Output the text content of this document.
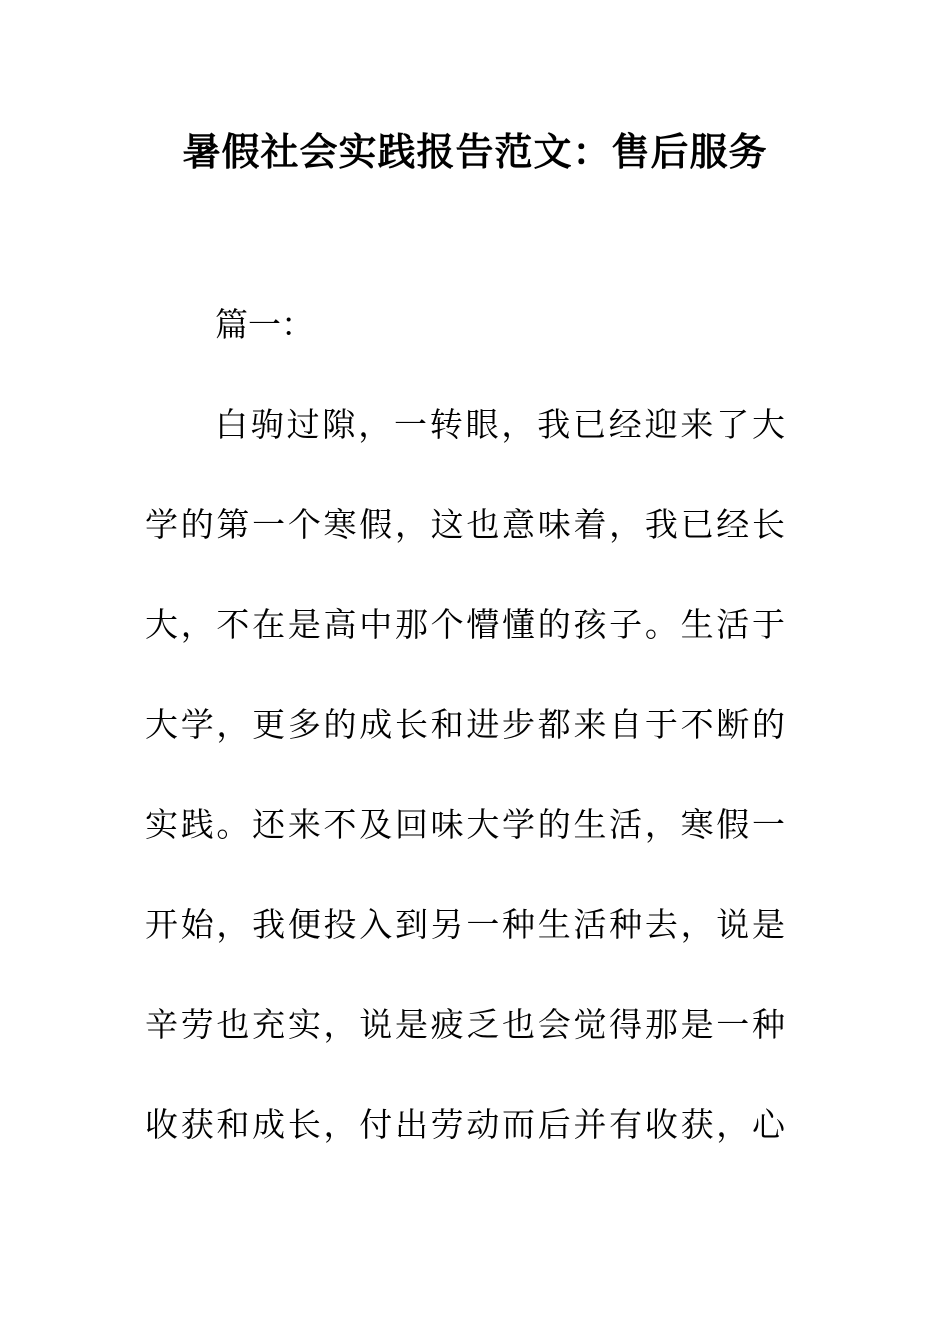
暑假社会实践报告范文：售后服务

篇一：

白驹过隙，一转眼，我已经迎来了大

学的第一个寒假，这也意味着，我已经长

大，不在是高中那个懵懂的孩子。生活于

大学，更多的成长和进步都来自于不断的

实践。还来不及回味大学的生活，寒假一

开始，我便投入到另一种生活种去，说是

辛劳也充实，说是疲乏也会觉得那是一种

收获和成长，付出劳动而后并有收获，心
